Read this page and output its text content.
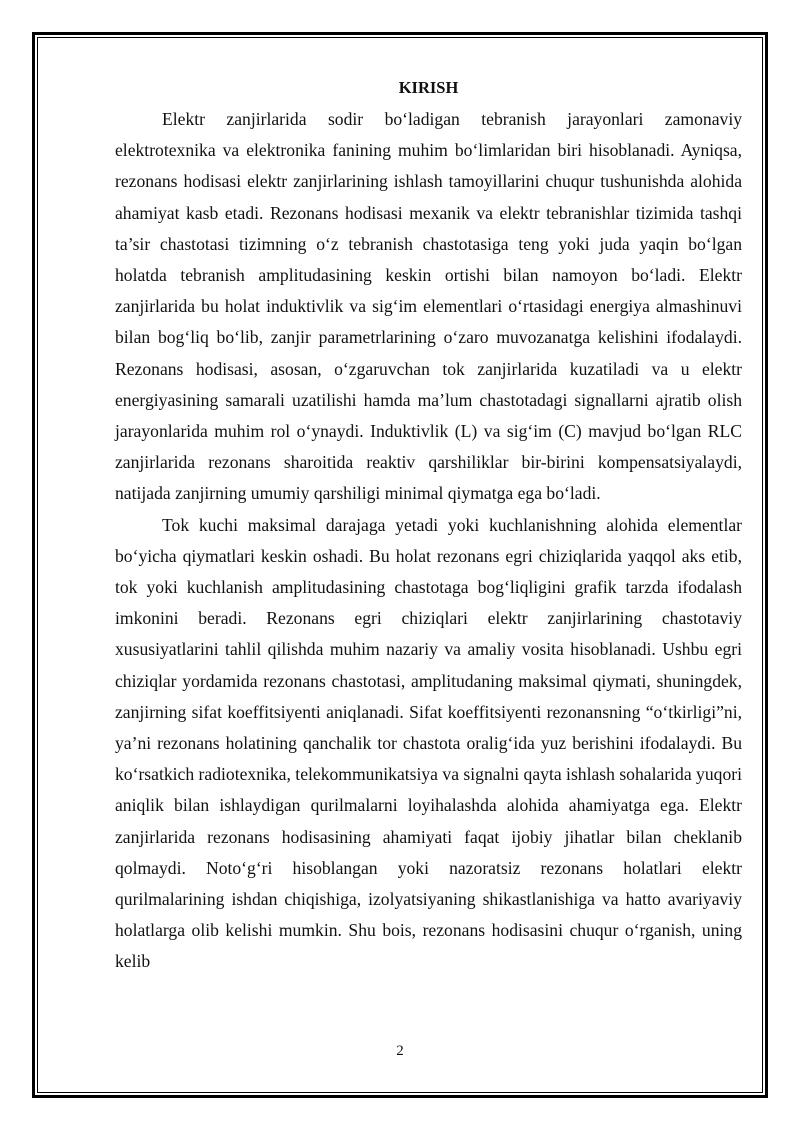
KIRISH

Elektr zanjirlarida sodir bo‘ladigan tebranish jarayonlari zamonaviy elektrotexnika va elektronika fanining muhim bo‘limlaridan biri hisoblanadi. Ayniqsa, rezonans hodisasi elektr zanjirlarining ishlash tamoyillarini chuqur tushunishda alohida ahamiyat kasb etadi. Rezonans hodisasi mexanik va elektr tebranishlar tizimida tashqi ta’sir chastotasi tizimning o‘z tebranish chastotasiga teng yoki juda yaqin bo‘lgan holatda tebranish amplitudasining keskin ortishi bilan namoyon bo‘ladi. Elektr zanjirlarida bu holat induktivlik va sig‘im elementlari o‘rtasidagi energiya almashinuvi bilan bog‘liq bo‘lib, zanjir parametrlarining o‘zaro muvozanatga kelishini ifodalaydi. Rezonans hodisasi, asosan, o‘zgaruvchan tok zanjirlarida kuzatiladi va u elektr energiyasining samarali uzatilishi hamda ma’lum chastotadagi signallarni ajratib olish jarayonlarida muhim rol o‘ynaydi. Induktivlik (L) va sig‘im (C) mavjud bo‘lgan RLC zanjirlarida rezonans sharoitida reaktiv qarshiliklar bir-birini kompensatsiyalaydi, natijada zanjirning umumiy qarshiligi minimal qiymatga ega bo‘ladi.

Tok kuchi maksimal darajaga yetadi yoki kuchlanishning alohida elementlar bo‘yicha qiymatlari keskin oshadi. Bu holat rezonans egri chiziqlarida yaqqol aks etib, tok yoki kuchlanish amplitudasining chastotaga bog‘liqligini grafik tarzda ifodalash imkonini beradi. Rezonans egri chiziqlari elektr zanjirlarining chastotaviy xususiyatlarini tahlil qilishda muhim nazariy va amaliy vosita hisoblanadi. Ushbu egri chiziqlar yordamida rezonans chastotasi, amplitudaning maksimal qiymati, shuningdek, zanjirning sifat koeffitsiyenti aniqlanadi. Sifat koeffitsiyenti rezonansning “o‘tkirligi”ni, ya’ni rezonans holatining qanchalik tor chastota oralig‘ida yuz berishini ifodalaydi. Bu ko‘rsatkich radiotexnika, telekommunikatsiya va signalni qayta ishlash sohalarida yuqori aniqlik bilan ishlaydigan qurilmalarni loyihalashda alohida ahamiyatga ega. Elektr zanjirlarida rezonans hodisasining ahamiyati faqat ijobiy jihatlar bilan cheklanib qolmaydi. Noto‘g‘ri hisoblangan yoki nazoratsiz rezonans holatlari elektr qurilmalarining ishdan chiqishiga, izolyatsiyaning shikastlanishiga va hatto avariyaviy holatlarga olib kelishi mumkin. Shu bois, rezonans hodisasini chuqur o‘rganish, uning kelib

2
